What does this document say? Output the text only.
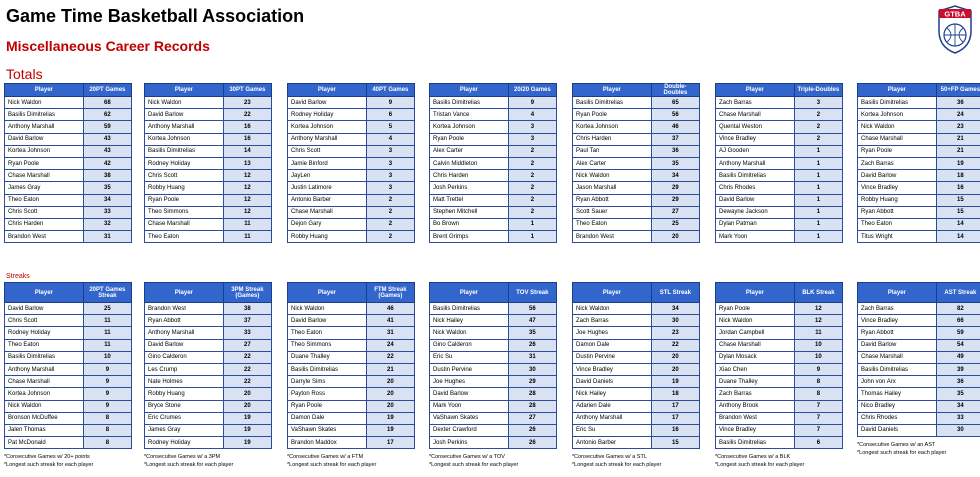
Game Time Basketball Association
Miscellaneous Career Records
Totals
Streaks
GTBA
Player	20PT Games
Nick Waldon	68
Basilis Dimitrelias	62
Anthony Marshall	59
David Barlow	43
Kortea Johnson	43
Ryan Poole	42
Chase Marshall	38
James Gray	35
Theo Eaton	34
Chris Scott	33
Chris Harden	32
Brandon West	31
Player	30PT Games
Nick Waldon	23
David Barlow	22
Anthony Marshall	16
Kortea Johnson	16
Basilis Dimitrelias	14
Rodney Holiday	13
Chris Scott	12
Robby Huang	12
Ryan Poole	12
Theo Simmons	12
Chase Marshall	11
Theo Eaton	11
Player	40PT Games
David Barlow	9
Rodney Holiday	6
Kortea Johnson	5
Anthony Marshall	4
Chris Scott	3
Jamie Binford	3
JayLen	3
Justin Latimore	3
Antonio Barber	2
Chase Marshall	2
Dejon Gary	2
Robby Huang	2
Player	20/20 Games
Basilis Dimitrelias	9
Tristan Vance	4
Kortea Johnson	3
Ryan Poole	3
Alex Carter	2
Calvin Middleton	2
Chris Harden	2
Josh Perkins	2
Matt Trettel	2
Stephen Mitchell	2
Bo Brown	1
Brent Grimps	1
Player	Double-Doubles
Basilis Dimitrelias	65
Ryan Poole	56
Kortea Johnson	46
Chris Harden	37
Paul Tan	36
Alex Carter	35
Nick Waldon	34
Jason Marshall	29
Ryan Abbott	29
Scott Sauer	27
Theo Eaton	25
Brandon West	20
Player	Triple-Doubles
Zach Barras	3
Chase Marshall	2
Quental Weston	2
Vince Bradley	2
AJ Gooden	1
Anthony Marshall	1
Basilis Dimitrelias	1
Chris Rhodes	1
David Barlow	1
Dewayne Jackson	1
Dylan Patman	1
Mark Yoon	1
Player	50+FP Games
Basilis Dimitrelias	36
Kortea Johnson	24
Nick Waldon	23
Chase Marshall	21
Ryan Poole	21
Zach Barras	19
David Barlow	18
Vince Bradley	16
Robby Huang	15
Ryan Abbott	15
Theo Eaton	14
Titus Wright	14
Player	20PT Games Streak
David Barlow	25
Chris Scott	11
Rodney Holiday	11
Theo Eaton	11
Basilis Dimitrelias	10
Anthony Marshall	9
Chase Marshall	9
Kortea Johnson	9
Nick Waldon	9
Bronson McDuffee	8
Jalen Thomas	8
Pat McDonald	8
*Consecutive Games w/ 20+ points
*Longest such streak for each player
Player	3PM Streak (Games)
Brandon West	38
Ryan Abbott	37
Anthony Marshall	33
David Barlow	27
Gino Calderon	22
Les Crump	22
Nate Holmes	22
Robby Huang	20
Bryce Stone	20
Eric Crumes	19
James Gray	19
Rodney Holiday	19
*Consecutive Games w/ a 3PM
*Longest such streak for each player
Player	FTM Streak (Games)
Nick Waldon	46
David Barlow	41
Theo Eaton	31
Theo Simmons	24
Duane Thalley	22
Basilis Dimitrelias	21
Darryle Sims	20
Payton Ross	20
Ryan Poole	20
Damon Dale	19
VaShawn Skates	19
Brandon Maddox	17
*Consecutive Games w/ a FTM
*Longest such streak for each player
Player	TOV Streak
Basilis Dimitrelias	56
Nick Hailey	47
Nick Waldon	35
Gino Calderon	26
Eric Su	31
Dustin Pervine	30
Joe Hughes	29
David Barlow	28
Mark Yoon	28
VaShawn Skates	27
Dexter Crawford	26
Josh Perkins	26
*Consecutive Games w/ a TOV
*Longest such streak for each player
Player	STL Streak
Nick Waldon	34
Zach Barras	30
Joe Hughes	23
Damon Dale	22
Dustin Pervine	20
Vince Bradley	20
David Daniels	19
Nick Hailey	18
Adarien Dale	17
Anthony Marshall	17
Eric Su	16
Antonio Barber	15
*Consecutive Games w/ a STL
*Longest such streak for each player
Player	BLK Streak
Ryan Poole	12
Nick Waldon	12
Jordan Campbell	11
Chase Marshall	10
Dylan Mosack	10
Xiao Chen	9
Duane Thalley	8
Zach Barras	8
Anthony Brook	7
Brandon West	7
Vince Bradley	7
Basilis Dimitrelias	6
*Consecutive Games w/ a BLK
*Longest such streak for each player
Player	AST Streak
Zach Barras	82
Vince Bradley	66
Ryan Abbott	59
David Barlow	54
Chase Marshall	49
Basilis Dimitrelias	39
John von Arx	36
Thomas Hailey	35
Nico Bradley	34
Chris Rhodes	33
David Daniels	30
*Consecutive Games w/ an AST
*Longest such streak for each player
